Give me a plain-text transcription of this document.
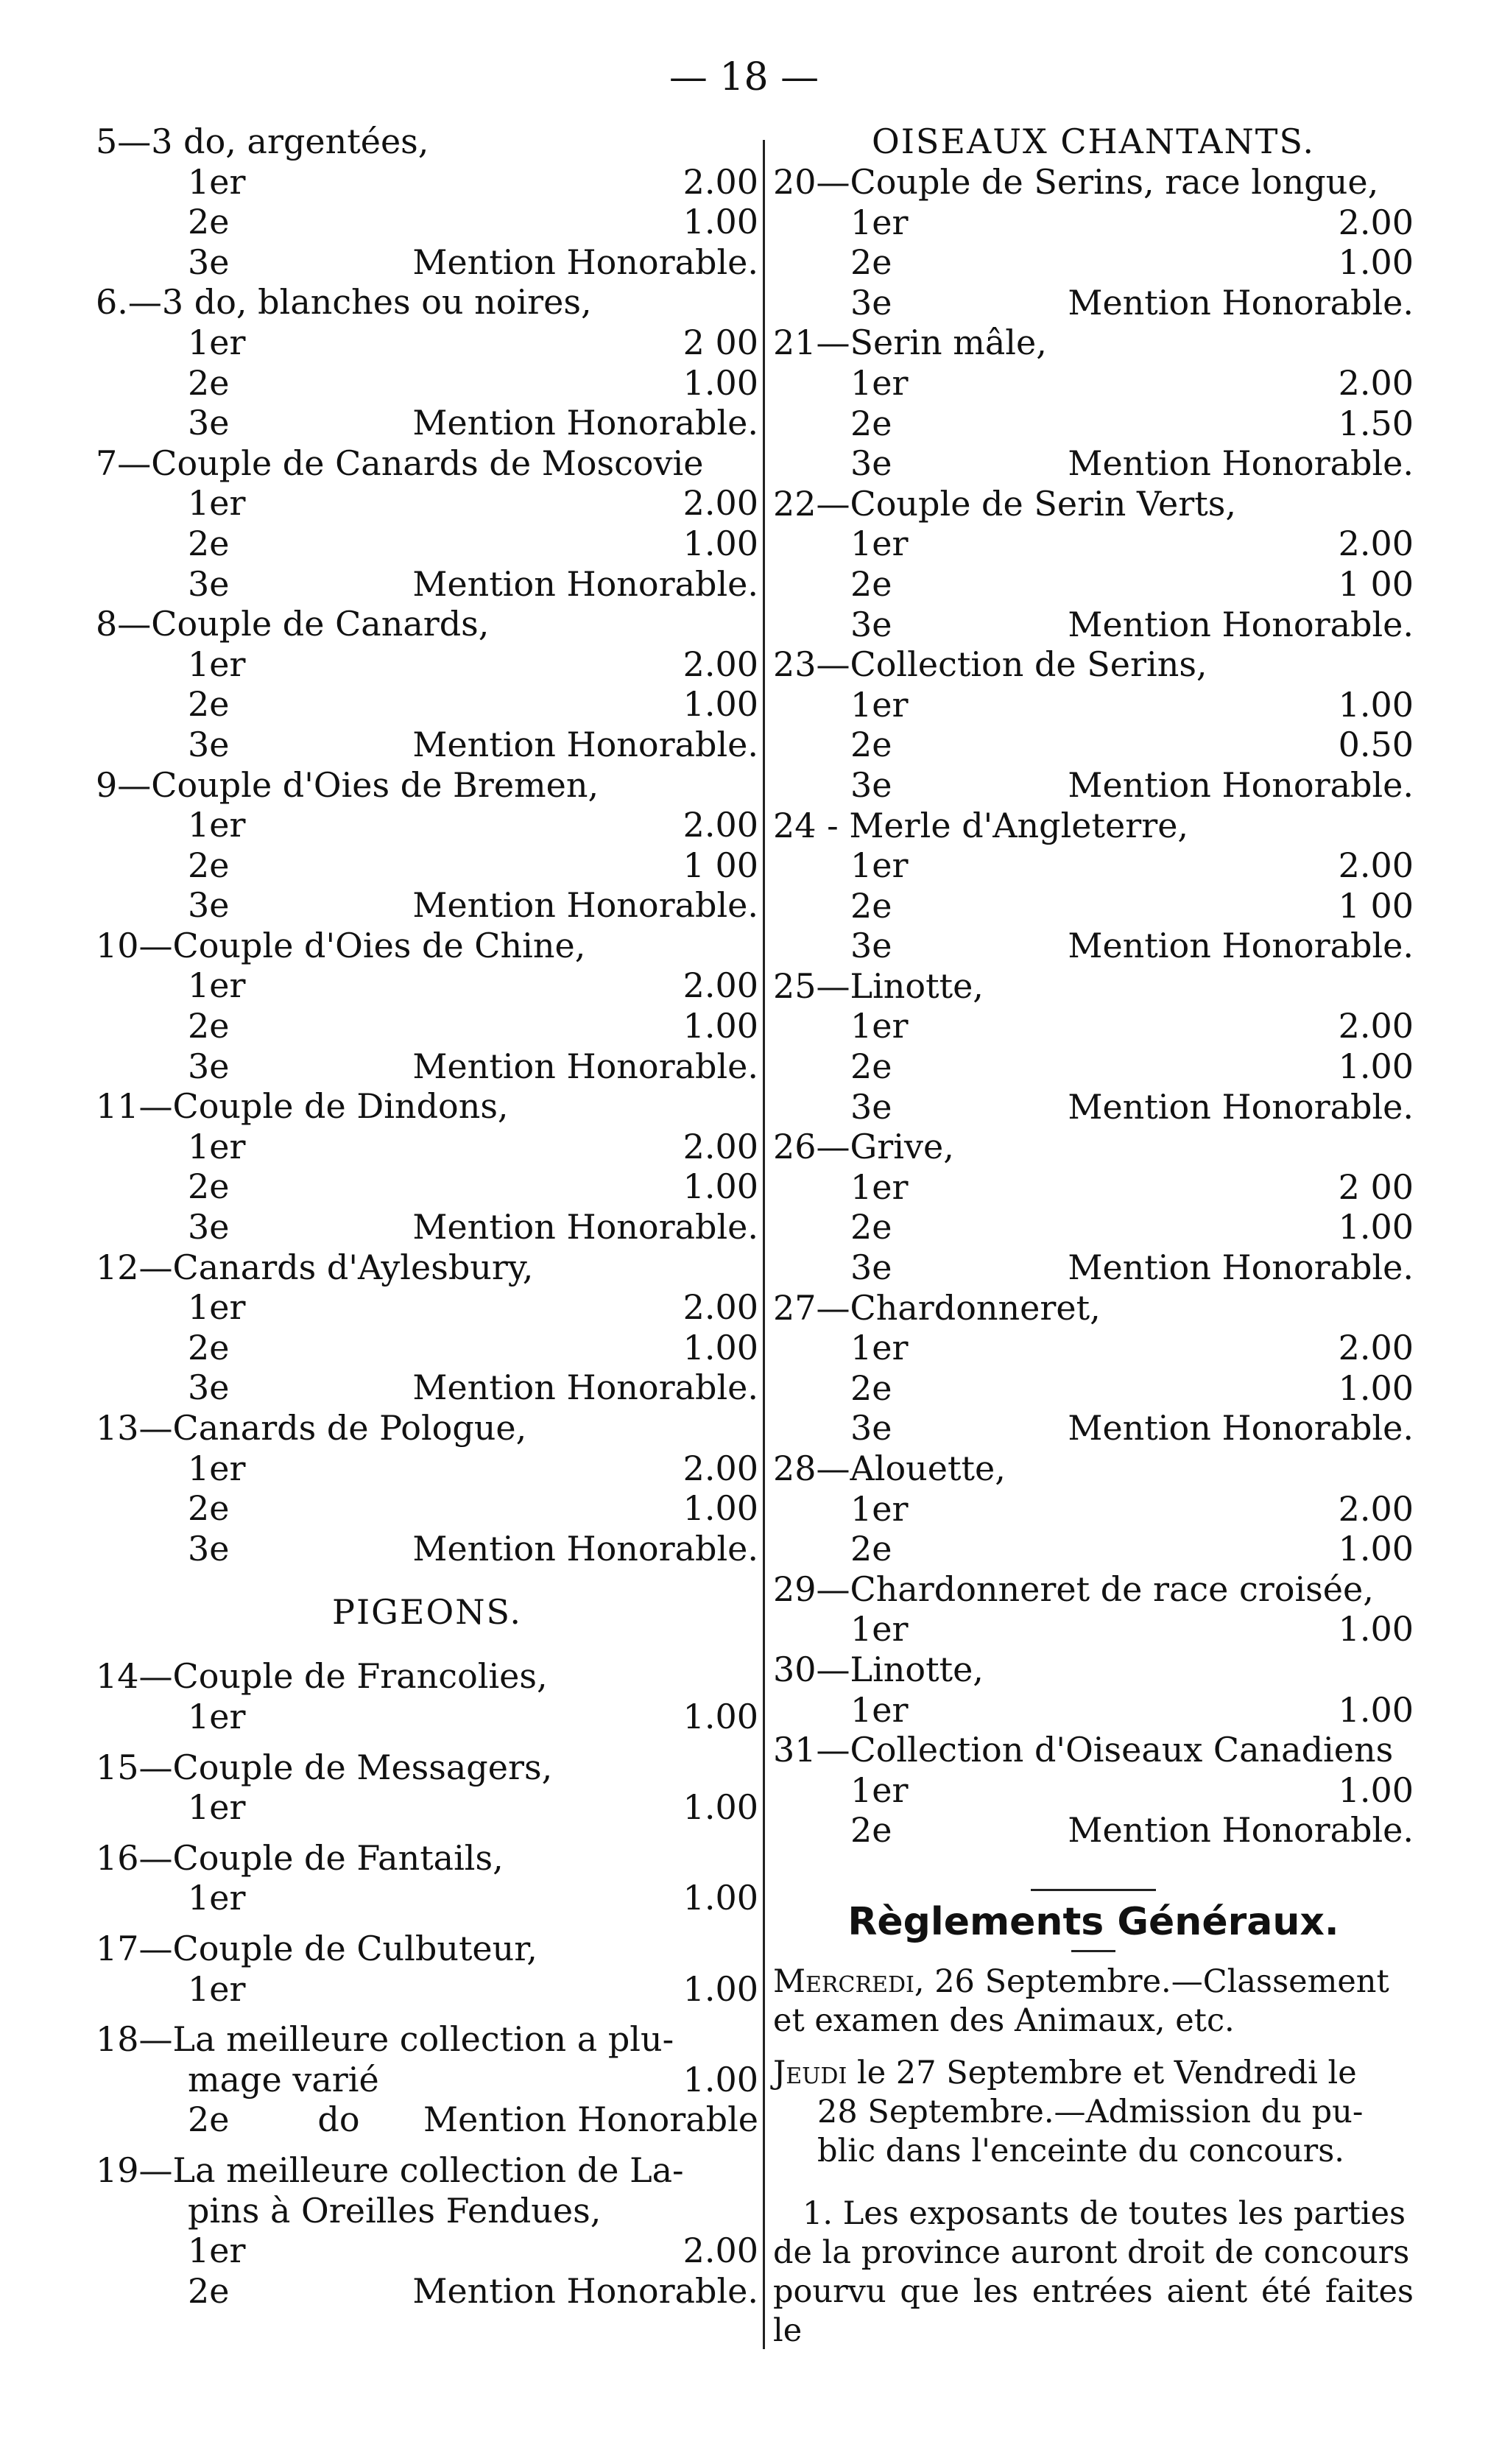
— 18 —
5—3 do, argentées,
1er	2.00
2e	1.00
3e	Mention Honorable.
6.—3 do, blanches ou noires,
1er	2 00
2e	1.00
3e	Mention Honorable.
7—Couple de Canards de Moscovie
1er	2.00
2e	1.00
3e	Mention Honorable.
8—Couple de Canards,
1er	2.00
2e	1.00
3e	Mention Honorable.
9—Couple d'Oies de Bremen,
1er	2.00
2e	1 00
3e	Mention Honorable.
10—Couple d'Oies de Chine,
1er	2.00
2e	1.00
3e	Mention Honorable.
11—Couple de Dindons,
1er	2.00
2e	1.00
3e	Mention Honorable.
12—Canards d'Aylesbury,
1er	2.00
2e	1.00
3e	Mention Honorable.
13—Canards de Pologue,
1er	2.00
2e	1.00
3e	Mention Honorable.
PIGEONS.
14—Couple de Francolies,
1er	1.00
15—Couple de Messagers,
1er	1.00
16—Couple de Fantails,
1er	1.00
17—Couple de Culbuteur,
1er	1.00
18—La meilleure collection a plu-
mage varié	1.00
2e	do	Mention Honorable
19—La meilleure collection de La-
pins à Oreilles Fendues,
1er	2.00
2e	Mention Honorable.
OISEAUX CHANTANTS.
20—Couple de Serins, race longue,
1er	2.00
2e	1.00
3e	Mention Honorable.
21—Serin mâle,
1er	2.00
2e	1.50
3e	Mention Honorable.
22—Couple de Serin Verts,
1er	2.00
2e	1 00
3e	Mention Honorable.
23—Collection de Serins,
1er	1.00
2e	0.50
3e	Mention Honorable.
24 - Merle d'Angleterre,
1er	2.00
2e	1 00
3e	Mention Honorable.
25—Linotte,
1er	2.00
2e	1.00
3e	Mention Honorable.
26—Grive,
1er	2 00
2e	1.00
3e	Mention Honorable.
27—Chardonneret,
1er	2.00
2e	1.00
3e	Mention Honorable.
28—Alouette,
1er	2.00
2e	1.00
29—Chardonneret de race croisée,
1er	1.00
30—Linotte,
1er	1.00
31—Collection d'Oiseaux Canadiens
1er	1.00
2e	Mention Honorable.
Règlements Généraux.
Mercredi, 26 Septembre.—Classement
et examen des Animaux, etc.
Jeudi le 27 Septembre et Vendredi le
28 Septembre.—Admission du pu-
blic dans l'enceinte du concours.
1. Les exposants de toutes les parties
de la province auront droit de concours
pourvu que les entrées aient été faites le
